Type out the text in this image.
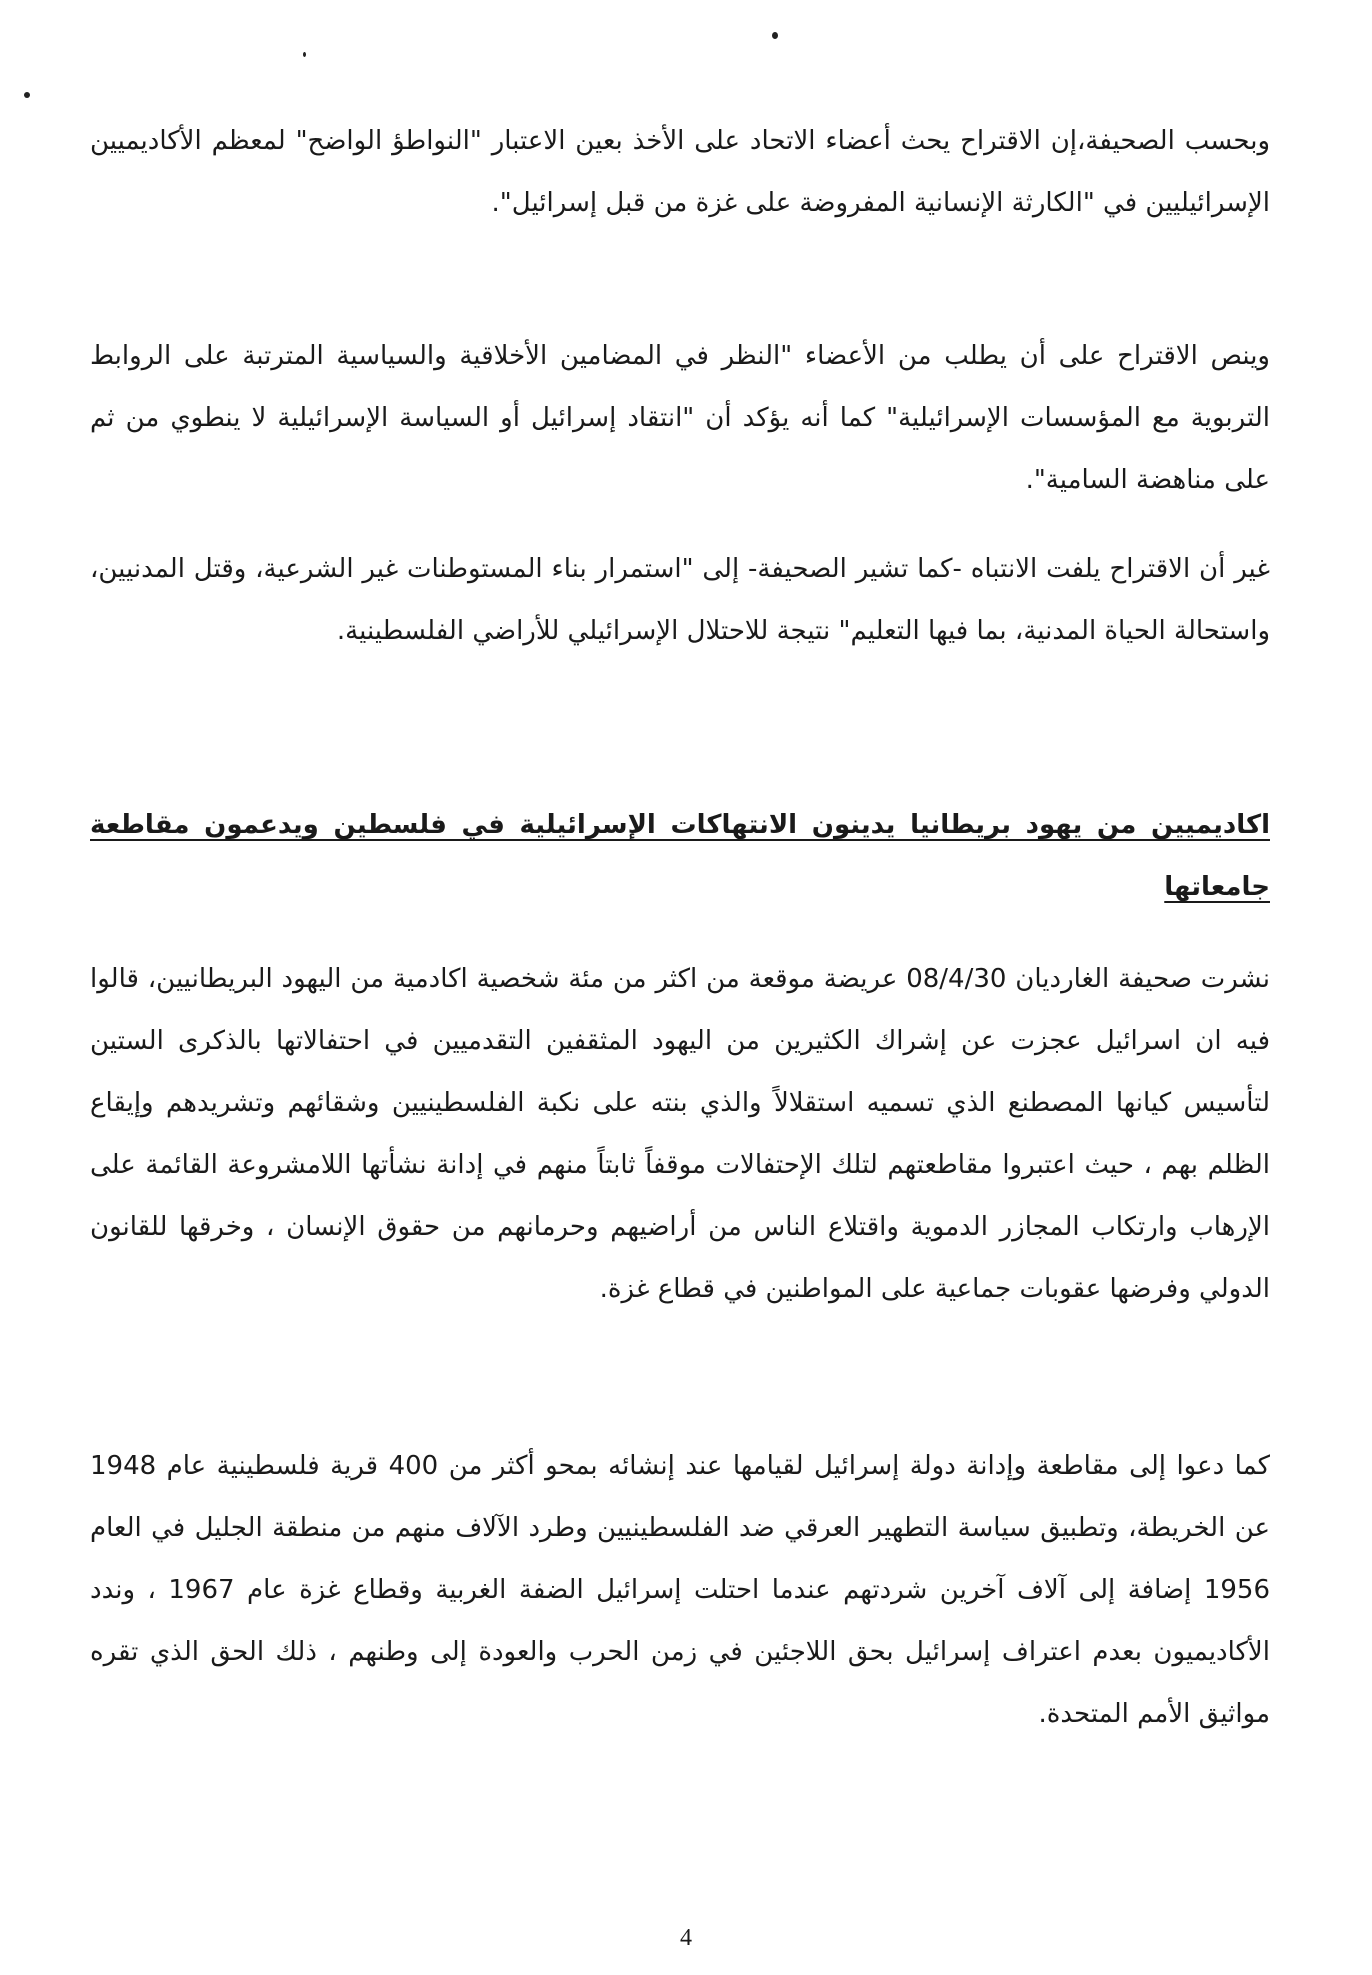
وبحسب الصحيفة،إن الاقتراح يحث أعضاء الاتحاد على الأخذ بعين الاعتبار "النواطؤ الواضح" لمعظم الأكاديميين الإسرائيليين في "الكارثة الإنسانية المفروضة على غزة من قبل إسرائيل".

وينص الاقتراح على أن يطلب من الأعضاء "النظر في المضامين الأخلاقية والسياسية المترتبة على الروابط التربوية مع المؤسسات الإسرائيلية" كما أنه يؤكد أن "انتقاد إسرائيل أو السياسة الإسرائيلية لا ينطوي من ثم على مناهضة السامية".

غير أن الاقتراح يلفت الانتباه -كما تشير الصحيفة- إلى "استمرار بناء المستوطنات غير الشرعية، وقتل المدنيين، واستحالة الحياة المدنية، بما فيها التعليم" نتيجة للاحتلال الإسرائيلي للأراضي الفلسطينية.

اكاديميين من يهود بريطانيا يدينون الانتهاكات الإسرائيلية في فلسطين ويدعمون مقاطعة جامعاتها

نشرت صحيفة الغارديان 08/4/30 عريضة موقعة من اكثر من مئة شخصية اكادمية من اليهود البريطانيين، قالوا فيه ان اسرائيل عجزت عن إشراك الكثيرين من اليهود المثقفين التقدميين في احتفالاتها بالذكرى الستين لتأسيس كيانها المصطنع الذي تسميه استقلالاً والذي بنته على نكبة الفلسطينيين وشقائهم وتشريدهم وإيقاع الظلم بهم ، حيث اعتبروا مقاطعتهم لتلك الإحتفالات موقفاً ثابتاً منهم في إدانة نشأتها اللامشروعة القائمة على الإرهاب وارتكاب المجازر الدموية واقتلاع الناس من أراضيهم وحرمانهم من حقوق الإنسان ، وخرقها للقانون الدولي وفرضها عقوبات جماعية على المواطنين في قطاع غزة.

كما دعوا إلى مقاطعة وإدانة دولة إسرائيل لقيامها عند إنشائه بمحو أكثر من 400 قرية فلسطينية عام 1948 عن الخريطة، وتطبيق سياسة التطهير العرقي ضد الفلسطينيين وطرد الآلاف منهم من منطقة الجليل في العام 1956 إضافة إلى آلاف آخرين شردتهم عندما احتلت إسرائيل الضفة الغربية وقطاع غزة عام 1967 ، وندد الأكاديميون بعدم اعتراف إسرائيل بحق اللاجئين في زمن الحرب والعودة إلى وطنهم ، ذلك الحق الذي تقره مواثيق الأمم المتحدة.

4
